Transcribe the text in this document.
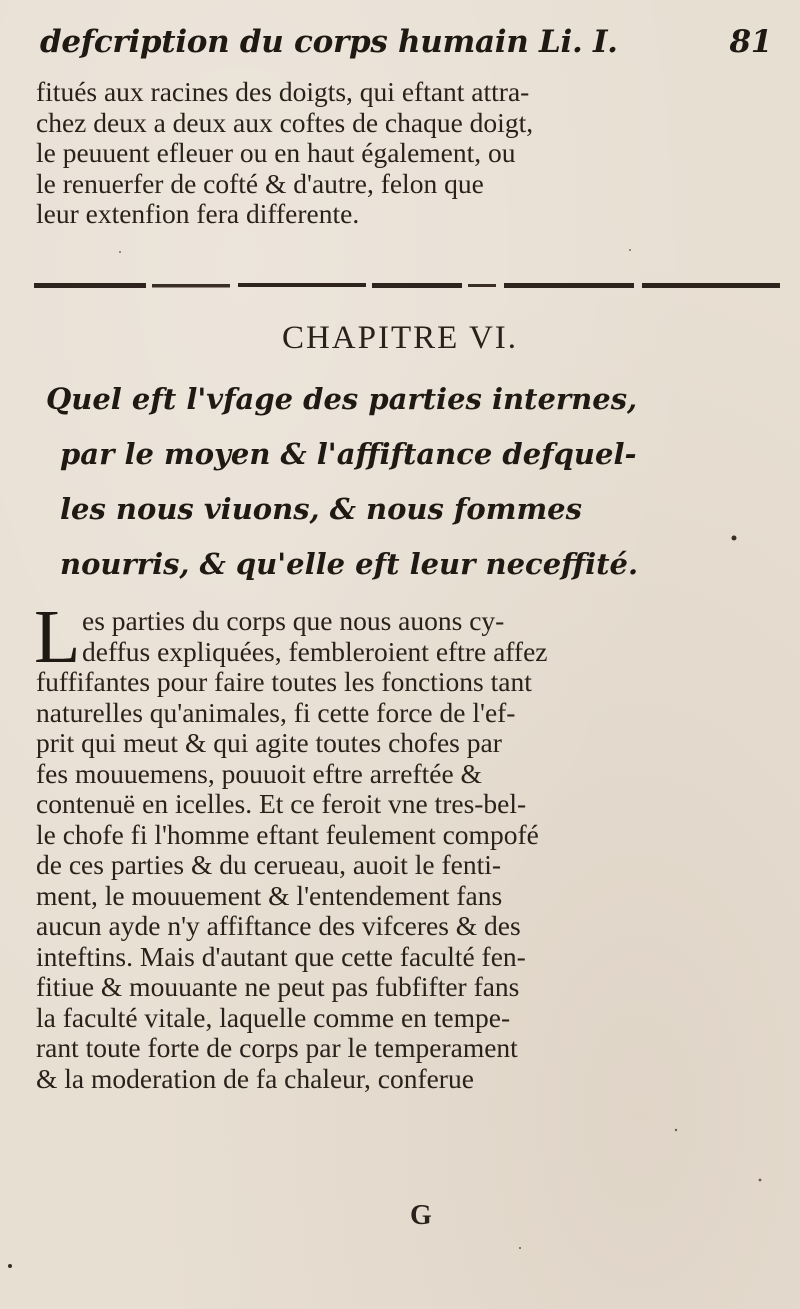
defcription du corps humain Li. I.	81
fitués aux racines des doigts, qui eftant attra-
chez deux a deux aux coftes de chaque doigt,
le peuuent efleuer ou en haut également, ou
le renuerfer de cofté & d'autre, felon que
leur extenfion fera differente.
CHAPITRE VI.
Quel eft l'vfage des parties internes,
par le moyen & l'affiftance defquel-
les nous viuons, & nous fommes
nourris, & qu'elle eft leur neceffité.
L es parties du corps que nous auons cy-
deffus expliquées, fembleroient eftre affez
fuffifantes pour faire toutes les fonctions tant
naturelles qu'animales, fi cette force de l'ef-
prit qui meut & qui agite toutes chofes par
fes mouuemens, pouuoit eftre arreftée &
contenuë en icelles. Et ce feroit vne tres-bel-
le chofe fi l'homme eftant feulement compofé
de ces parties & du cerueau, auoit le fenti-
ment, le mouuement & l'entendement fans
aucun ayde n'y affiftance des vifceres & des
inteftins. Mais d'autant que cette faculté fen-
fitiue & mouuante ne peut pas fubfifter fans
la faculté vitale, laquelle comme en tempe-
rant toute forte de corps par le temperament
& la moderation de fa chaleur, conferue
G
